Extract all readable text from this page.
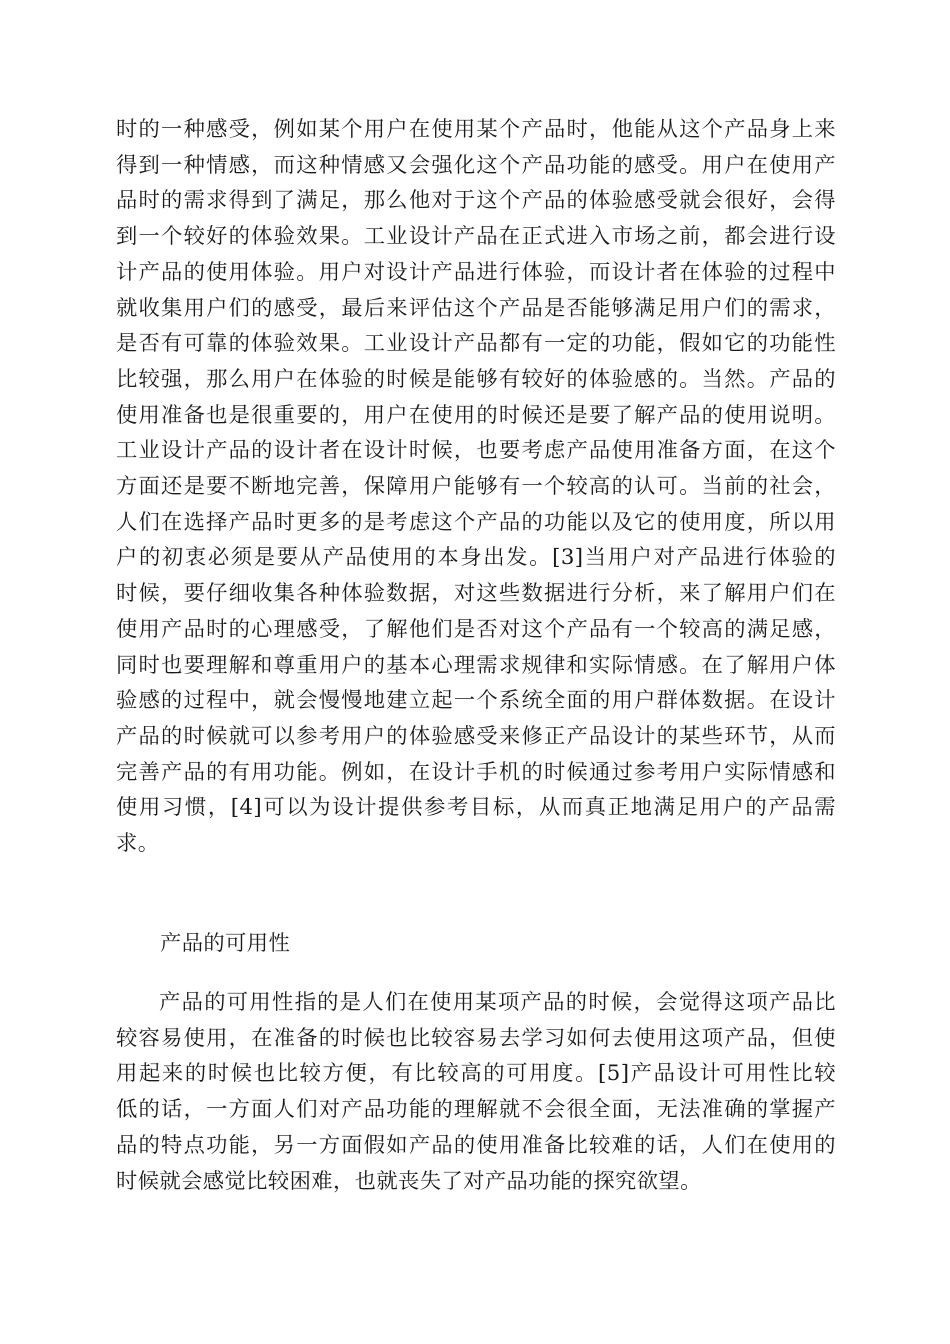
时的一种感受，例如某个用户在使用某个产品时，他能从这个产品身上来
得到一种情感，而这种情感又会强化这个产品功能的感受。用户在使用产
品时的需求得到了满足，那么他对于这个产品的体验感受就会很好，会得
到一个较好的体验效果。工业设计产品在正式进入市场之前，都会进行设
计产品的使用体验。用户对设计产品进行体验，而设计者在体验的过程中
就收集用户们的感受，最后来评估这个产品是否能够满足用户们的需求，
是否有可靠的体验效果。工业设计产品都有一定的功能，假如它的功能性
比较强，那么用户在体验的时候是能够有较好的体验感的。当然。产品的
使用准备也是很重要的，用户在使用的时候还是要了解产品的使用说明。
工业设计产品的设计者在设计时候，也要考虑产品使用准备方面，在这个
方面还是要不断地完善，保障用户能够有一个较高的认可。当前的社会，
人们在选择产品时更多的是考虑这个产品的功能以及它的使用度，所以用
户的初衷必须是要从产品使用的本身出发。[3]当用户对产品进行体验的
时候，要仔细收集各种体验数据，对这些数据进行分析，来了解用户们在
使用产品时的心理感受，了解他们是否对这个产品有一个较高的满足感，
同时也要理解和尊重用户的基本心理需求规律和实际情感。在了解用户体
验感的过程中，就会慢慢地建立起一个系统全面的用户群体数据。在设计
产品的时候就可以参考用户的体验感受来修正产品设计的某些环节，从而
完善产品的有用功能。例如，在设计手机的时候通过参考用户实际情感和
使用习惯，[4]可以为设计提供参考目标，从而真正地满足用户的产品需
求。
产品的可用性
产品的可用性指的是人们在使用某项产品的时候，会觉得这项产品比
较容易使用，在准备的时候也比较容易去学习如何去使用这项产品，但使
用起来的时候也比较方便，有比较高的可用度。[5]产品设计可用性比较
低的话，一方面人们对产品功能的理解就不会很全面，无法准确的掌握产
品的特点功能，另一方面假如产品的使用准备比较难的话，人们在使用的
时候就会感觉比较困难，也就丧失了对产品功能的探究欲望。
